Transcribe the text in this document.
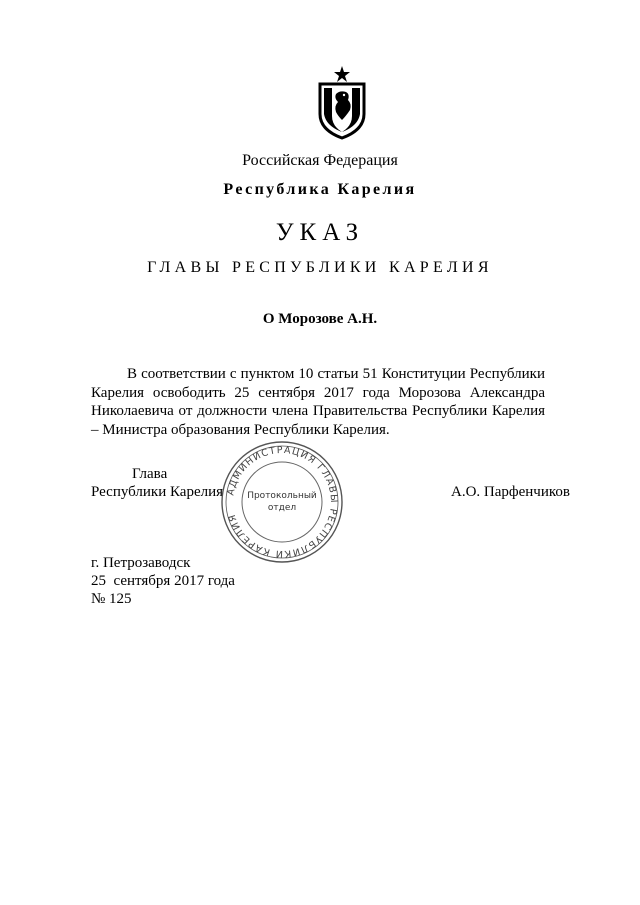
Российская Федерация
Республика Карелия
УКАЗ
ГЛАВЫ РЕСПУБЛИКИ КАРЕЛИЯ
О Морозове А.Н.
В соответствии с пунктом 10 статьи 51 Конституции Республики Карелия освободить 25 сентября 2017 года Морозова Александра Николаевича от должности члена Правительства Республики Карелия – Министра образования Республики Карелия.
Глава
Республики Карелия	А.О. Парфенчиков
АДМИНИСТРАЦИЯ ГЛАВЫ РЕСПУБЛИКИ КАРЕЛИЯ
Протокольный
отдел
г. Петрозаводск
25  сентября 2017 года
№ 125
